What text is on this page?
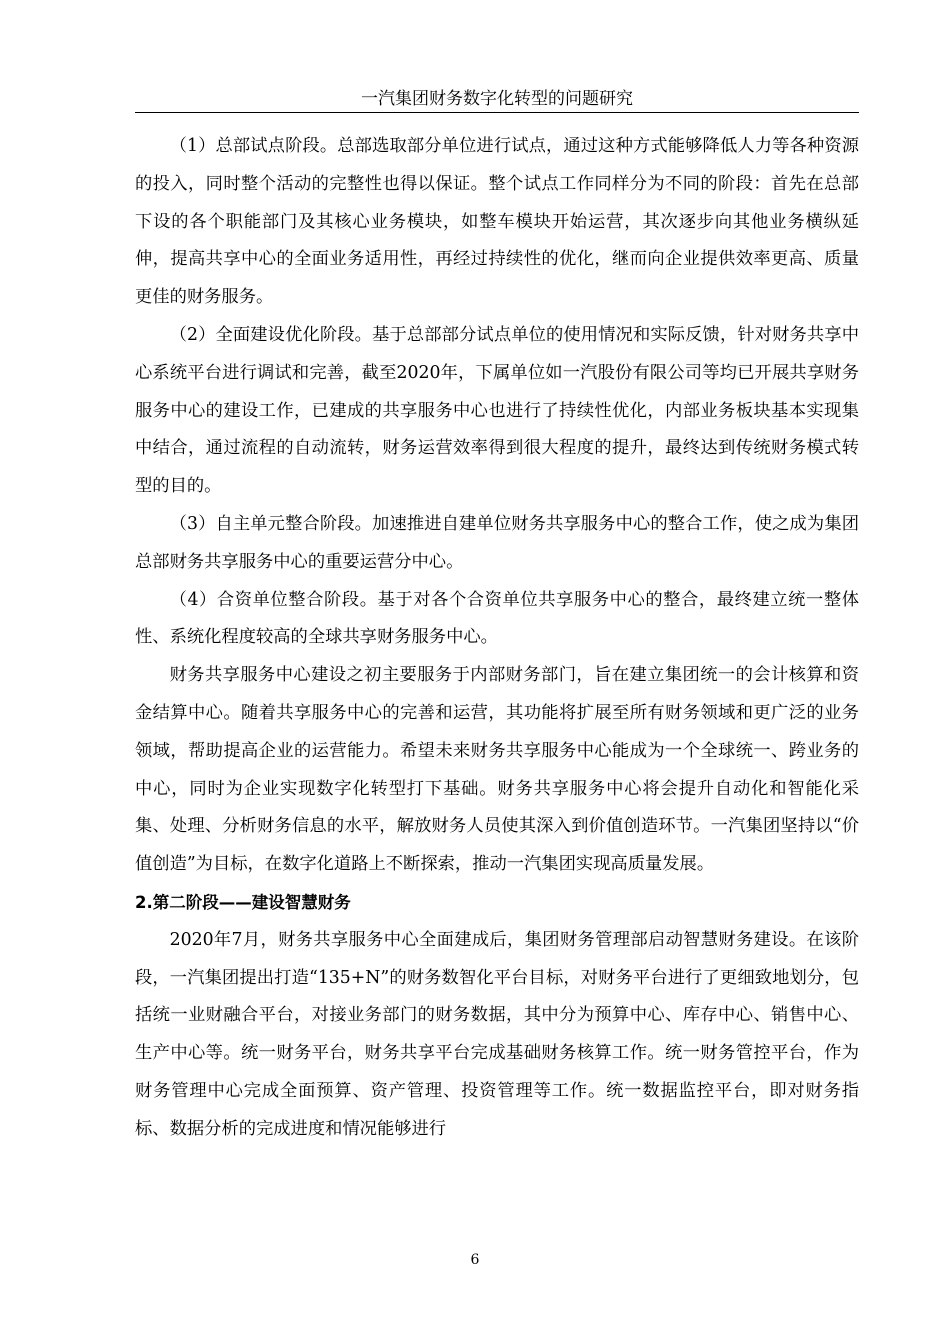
一汽集团财务数字化转型的问题研究

（1）总部试点阶段。总部选取部分单位进行试点，通过这种方式能够降低人力等各种资源的投入，同时整个活动的完整性也得以保证。整个试点工作同样分为不同的阶段：首先在总部下设的各个职能部门及其核心业务模块，如整车模块开始运营，其次逐步向其他业务横纵延伸，提高共享中心的全面业务适用性，再经过持续性的优化，继而向企业提供效率更高、质量更佳的财务服务。

（2）全面建设优化阶段。基于总部部分试点单位的使用情况和实际反馈，针对财务共享中心系统平台进行调试和完善，截至2020年，下属单位如一汽股份有限公司等均已开展共享财务服务中心的建设工作，已建成的共享服务中心也进行了持续性优化，内部业务板块基本实现集中结合，通过流程的自动流转，财务运营效率得到很大程度的提升，最终达到传统财务模式转型的目的。

（3）自主单元整合阶段。加速推进自建单位财务共享服务中心的整合工作，使之成为集团总部财务共享服务中心的重要运营分中心。

（4）合资单位整合阶段。基于对各个合资单位共享服务中心的整合，最终建立统一整体性、系统化程度较高的全球共享财务服务中心。

财务共享服务中心建设之初主要服务于内部财务部门，旨在建立集团统一的会计核算和资金结算中心。随着共享服务中心的完善和运营，其功能将扩展至所有财务领域和更广泛的业务领域，帮助提高企业的运营能力。希望未来财务共享服务中心能成为一个全球统一、跨业务的中心，同时为企业实现数字化转型打下基础。财务共享服务中心将会提升自动化和智能化采集、处理、分析财务信息的水平，解放财务人员使其深入到价值创造环节。一汽集团坚持以“价值创造”为目标，在数字化道路上不断探索，推动一汽集团实现高质量发展。

2.第二阶段——建设智慧财务

2020年7月，财务共享服务中心全面建成后，集团财务管理部启动智慧财务建设。在该阶段，一汽集团提出打造“135+N”的财务数智化平台目标，对财务平台进行了更细致地划分，包括统一业财融合平台，对接业务部门的财务数据，其中分为预算中心、库存中心、销售中心、生产中心等。统一财务平台，财务共享平台完成基础财务核算工作。统一财务管控平台，作为财务管理中心完成全面预算、资产管理、投资管理等工作。统一数据监控平台，即对财务指标、数据分析的完成进度和情况能够进行

6
